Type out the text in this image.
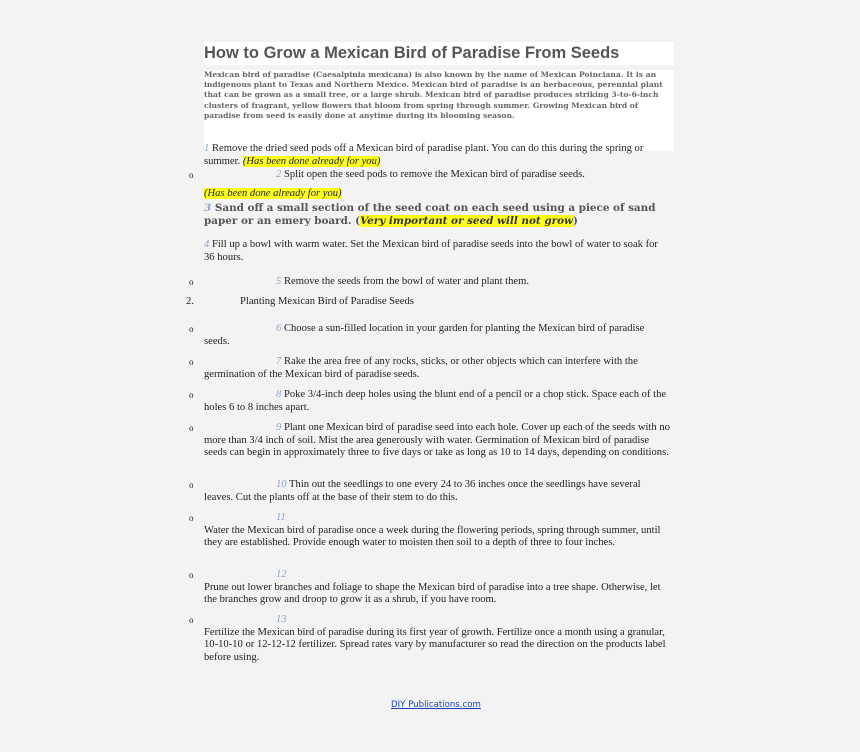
How to Grow a Mexican Bird of Paradise From Seeds
Mexican bird of paradise (Caesalpinia mexicana) is also known by the name of Mexican Poinciana. It is an indigenous plant to Texas and Northern Mexico. Mexican bird of paradise is an herbaceous, perennial plant that can be grown as a small tree, or a large shrub. Mexican bird of paradise produces striking 3-to-6-inch clusters of fragrant, yellow flowers that bloom from spring through summer. Growing Mexican bird of paradise from seed is easily done at anytime during its blooming season.
1 Remove the dried seed pods off a Mexican bird of paradise plant. You can do this during the spring or summer. (Has been done already for you)
o	2 Split open the seed pods to remove the Mexican bird of paradise seeds.
(Has been done already for you)
3 Sand off a small section of the seed coat on each seed using a piece of sand paper or an emery board. (Very important or seed will not grow)
4 Fill up a bowl with warm water. Set the Mexican bird of paradise seeds into the bowl of water to soak for 36 hours.
o	5 Remove the seeds from the bowl of water and plant them.
2.	Planting Mexican Bird of Paradise Seeds
o	6 Choose a sun-filled location in your garden for planting the Mexican bird of paradise seeds.
o	7 Rake the area free of any rocks, sticks, or other objects which can interfere with the germination of the Mexican bird of paradise seeds.
o	8 Poke 3/4-inch deep holes using the blunt end of a pencil or a chop stick. Space each of the holes 6 to 8 inches apart.
o	9 Plant one Mexican bird of paradise seed into each hole. Cover up each of the seeds with no more than 3/4 inch of soil. Mist the area generously with water. Germination of Mexican bird of paradise seeds can begin in approximately three to five days or take as long as 10 to 14 days, depending on conditions.
o	10 Thin out the seedlings to one every 24 to 36 inches once the seedlings have several leaves. Cut the plants off at the base of their stem to do this.
o	11
Water the Mexican bird of paradise once a week during the flowering periods, spring through summer, until they are established. Provide enough water to moisten then soil to a depth of three to four inches.
o	12
Prune out lower branches and foliage to shape the Mexican bird of paradise into a tree shape. Otherwise, let the branches grow and droop to grow it as a shrub, if you have room.
o	13
Fertilize the Mexican bird of paradise during its first year of growth. Fertilize once a month using a granular, 10-10-10 or 12-12-12 fertilizer. Spread rates vary by manufacturer so read the direction on the products label before using.
DIY Publications.com
